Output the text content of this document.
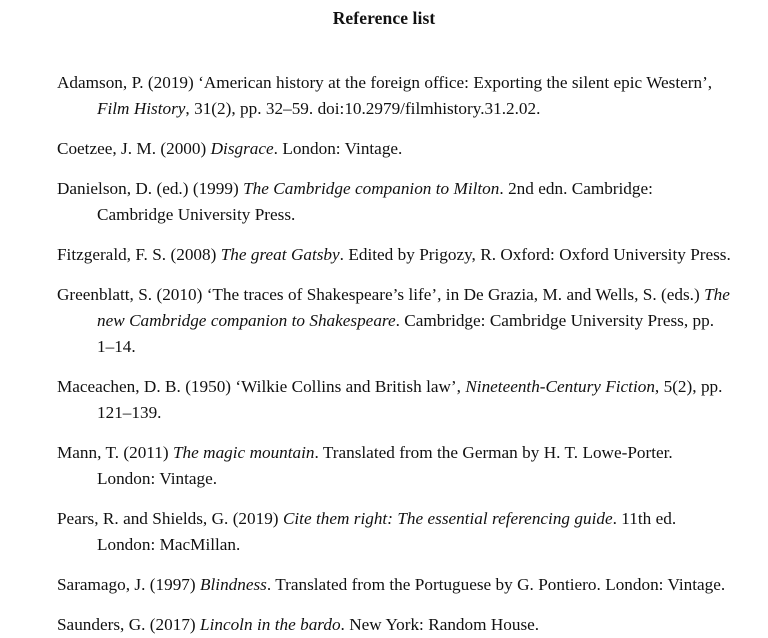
Reference list
Adamson, P. (2019) ‘American history at the foreign office: Exporting the silent epic Western’, Film History, 31(2), pp. 32–59. doi:10.2979/filmhistory.31.2.02.
Coetzee, J. M. (2000) Disgrace. London: Vintage.
Danielson, D. (ed.) (1999) The Cambridge companion to Milton. 2nd edn. Cambridge: Cambridge University Press.
Fitzgerald, F. S. (2008) The great Gatsby. Edited by Prigozy, R. Oxford: Oxford University Press.
Greenblatt, S. (2010) ‘The traces of Shakespeare’s life’, in De Grazia, M. and Wells, S. (eds.) The new Cambridge companion to Shakespeare. Cambridge: Cambridge University Press, pp. 1–14.
Maceachen, D. B. (1950) ‘Wilkie Collins and British law’, Nineteenth-Century Fiction, 5(2), pp. 121–139.
Mann, T. (2011) The magic mountain. Translated from the German by H. T. Lowe-Porter. London: Vintage.
Pears, R. and Shields, G. (2019) Cite them right: The essential referencing guide. 11th ed. London: MacMillan.
Saramago, J. (1997) Blindness. Translated from the Portuguese by G. Pontiero. London: Vintage.
Saunders, G. (2017) Lincoln in the bardo. New York: Random House.
